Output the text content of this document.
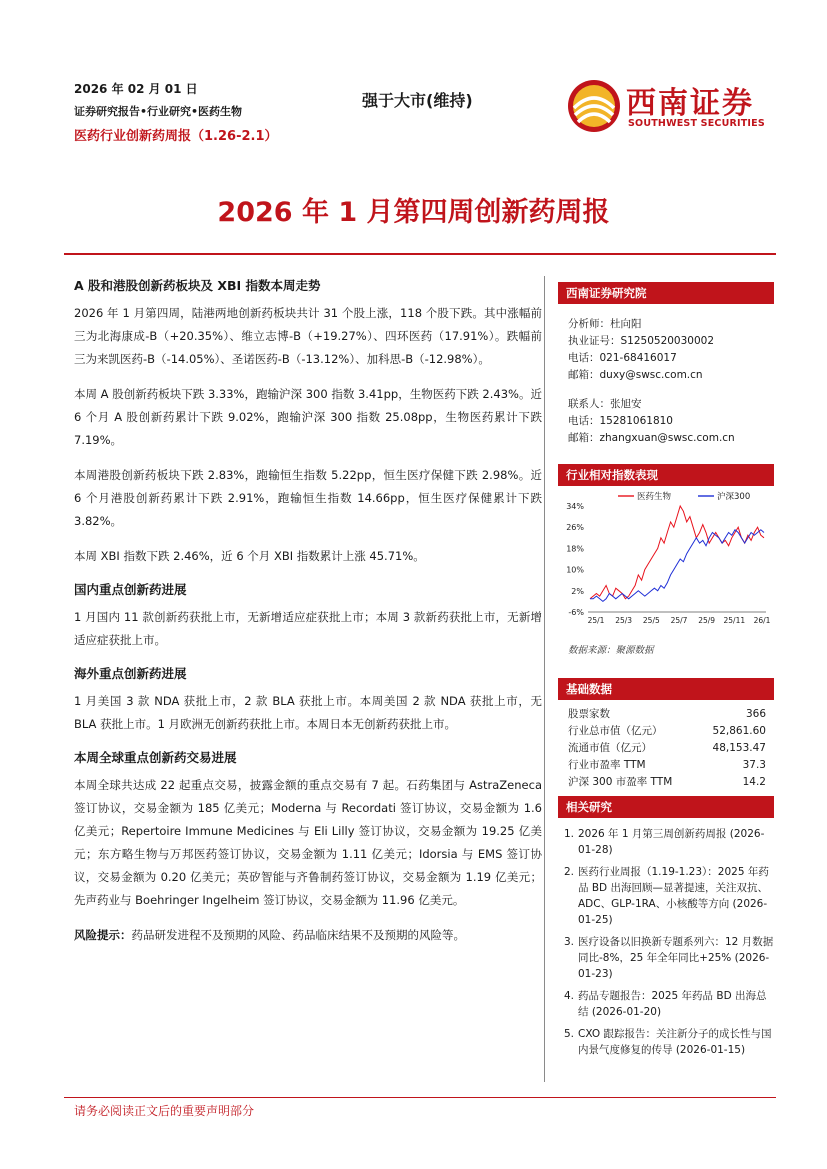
2026 年 02 月 01 日
证券研究报告•行业研究•医药生物
医药行业创新药周报（1.26-2.1）
强于大市(维持)	西南证券
SOUTHWEST SECURITIES
2026 年 1 月第四周创新药周报
A 股和港股创新药板块及 XBI 指数本周走势

2026 年 1 月第四周，陆港两地创新药板块共计 31 个股上涨，118 个股下跌。其中涨幅前三为北海康成-B（+20.35%）、维立志博-B（+19.27%）、四环医药（17.91%）。跌幅前三为来凯医药-B（-14.05%）、圣诺医药-B（-13.12%）、加科思-B（-12.98%）。

本周 A 股创新药板块下跌 3.33%，跑输沪深 300 指数 3.41pp，生物医药下跌 2.43%。近 6 个月 A 股创新药累计下跌 9.02%，跑输沪深 300 指数 25.08pp，生物医药累计下跌 7.19%。

本周港股创新药板块下跌 2.83%，跑输恒生指数 5.22pp，恒生医疗保健下跌 2.98%。近 6 个月港股创新药累计下跌 2.91%，跑输恒生指数 14.66pp，恒生医疗保健累计下跌 3.82%。

本周 XBI 指数下跌 2.46%，近 6 个月 XBI 指数累计上涨 45.71%。

国内重点创新药进展

1 月国内 11 款创新药获批上市，无新增适应症获批上市；本周 3 款新药获批上市，无新增适应症获批上市。

海外重点创新药进展

1 月美国 3 款 NDA 获批上市，2 款 BLA 获批上市。本周美国 2 款 NDA 获批上市，无 BLA 获批上市。1 月欧洲无创新药获批上市。本周日本无创新药获批上市。

本周全球重点创新药交易进展

本周全球共达成 22 起重点交易，披露金额的重点交易有 7 起。石药集团与 AstraZeneca 签订协议，交易金额为 185 亿美元；Moderna 与 Recordati 签订协议，交易金额为 1.6 亿美元；Repertoire Immune Medicines 与 Eli Lilly 签订协议，交易金额为 19.25 亿美元；东方略生物与万邦医药签订协议，交易金额为 1.11 亿美元；Idorsia 与 EMS 签订协议，交易金额为 0.20 亿美元；英矽智能与齐鲁制药签订协议，交易金额为 1.19 亿美元；先声药业与 Boehringer Ingelheim 签订协议，交易金额为 11.96 亿美元。

风险提示：药品研发进程不及预期的风险、药品临床结果不及预期的风险等。

西南证券研究院
分析师：杜向阳
执业证号：S1250520030002
电话：021-68416017
邮箱：duxy@swsc.com.cn
联系人：张旭安
电话：15281061810
邮箱：zhangxuan@swsc.com.cn
行业相对指数表现
-6%
2%
10%
18%
26%
34%
25/1 25/3 25/5 25/7 25/9 25/11 26/1
医药生物	沪深300
数据来源：聚源数据
基础数据
股票家数	366
行业总市值（亿元）	52,861.60
流通市值（亿元）	48,153.47
行业市盈率 TTM	37.3
沪深 300 市盈率 TTM	14.2
相关研究
1. 2026 年 1 月第三周创新药周报 (2026-01-28)
2. 医药行业周报（1.19-1.23）：2025 年药品 BD 出海回顾—显著提速，关注双抗、ADC、GLP-1RA、小核酸等方向 (2026-01-25)
3. 医疗设备以旧换新专题系列六：12 月数据同比-8%，25 年全年同比+25% (2026-01-23)
4. 药品专题报告：2025 年药品 BD 出海总结 (2026-01-20)
5. CXO 跟踪报告：关注新分子的成长性与国内景气度修复的传导 (2026-01-15)
请务必阅读正文后的重要声明部分
